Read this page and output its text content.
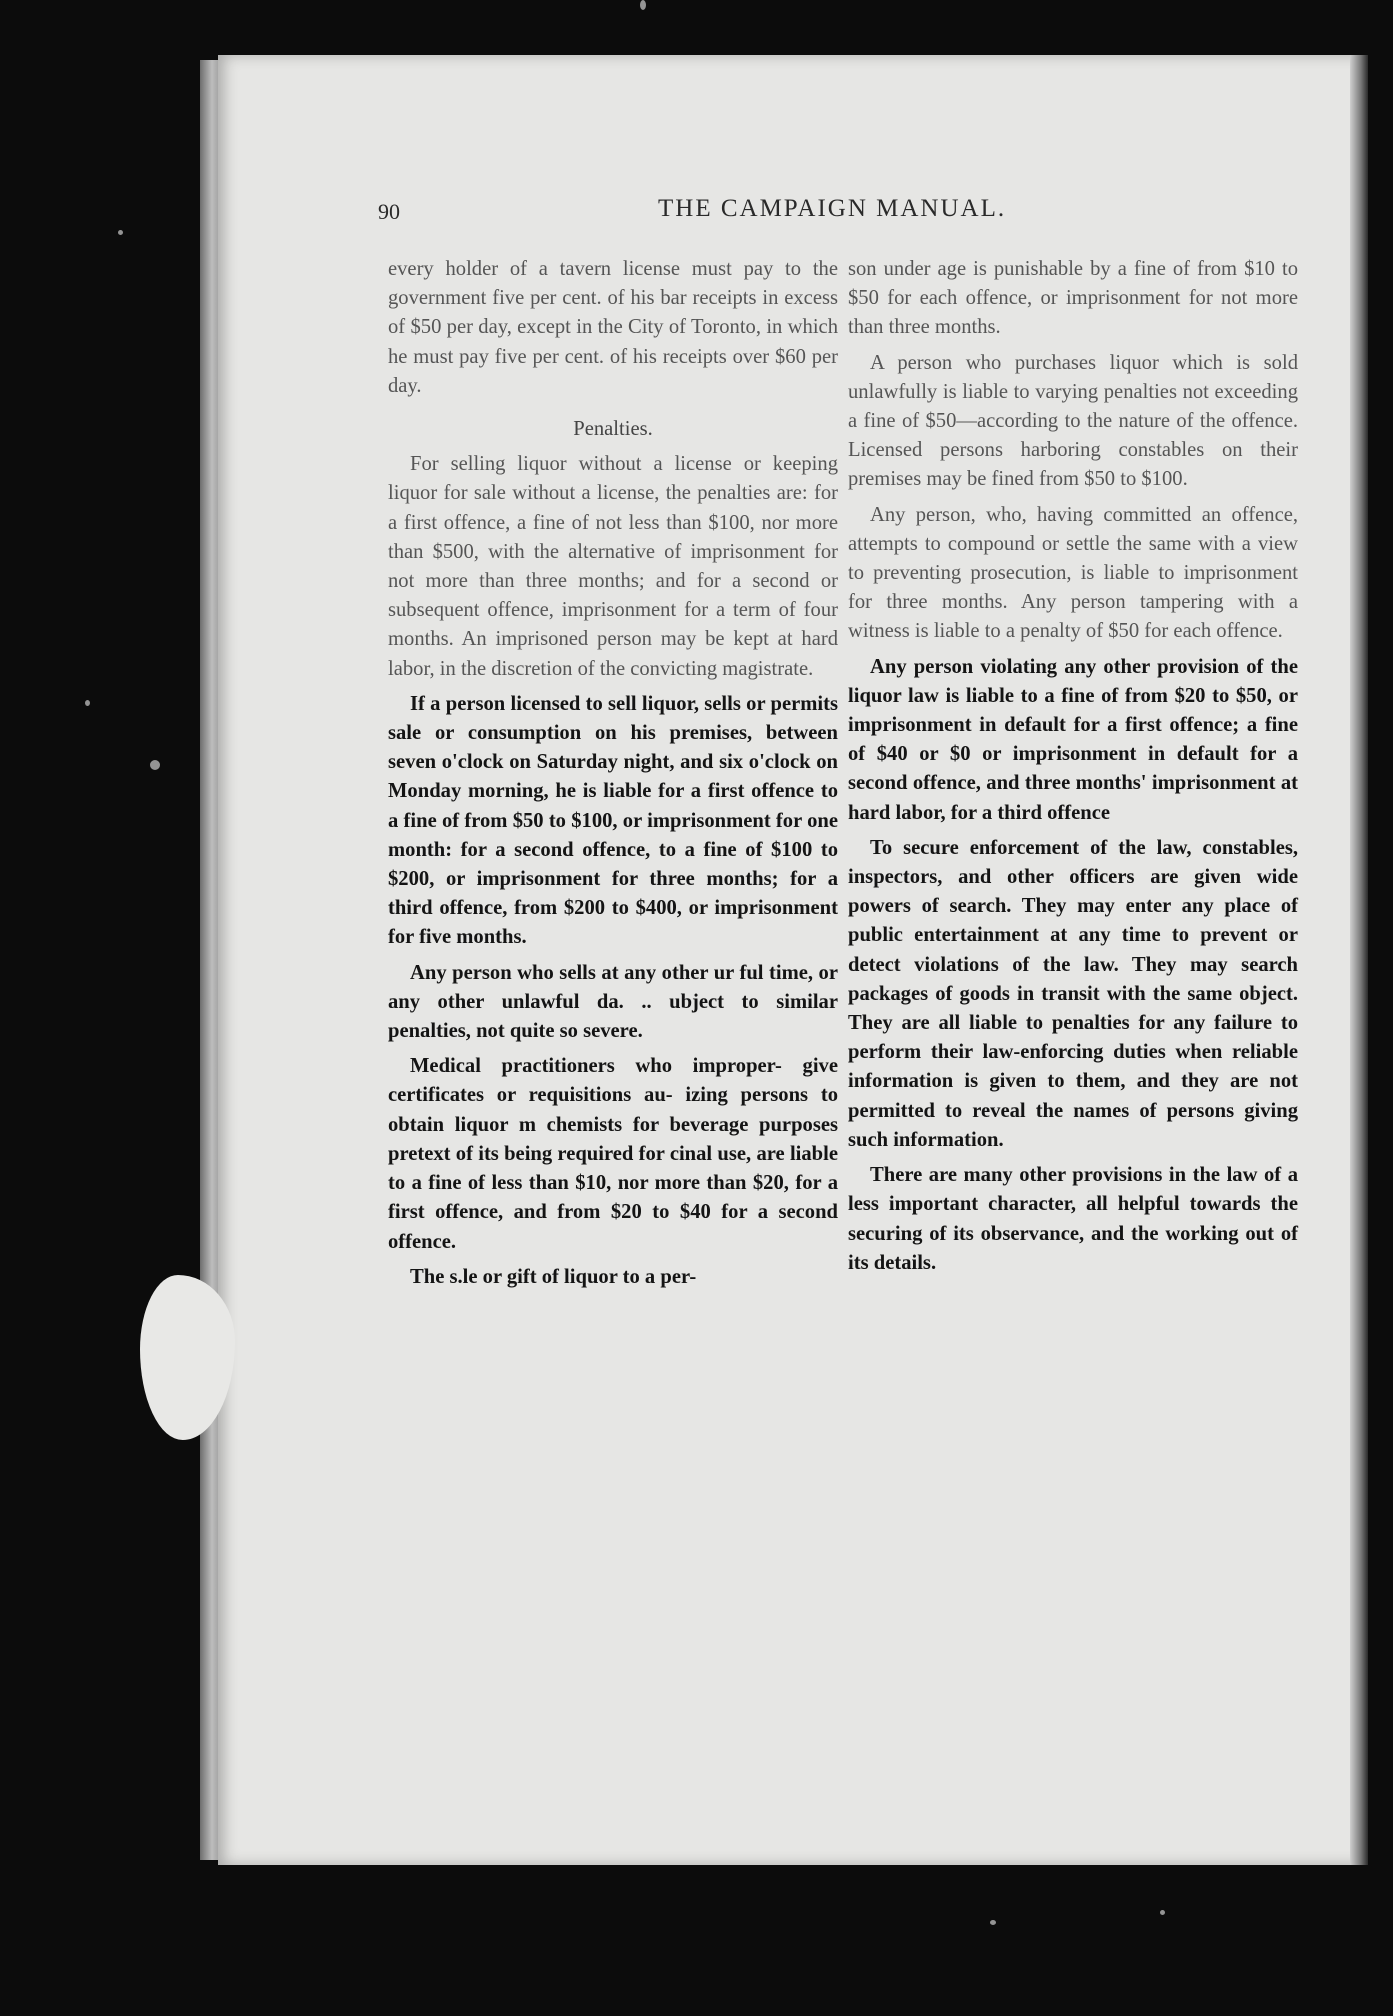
90	THE CAMPAIGN MANUAL.

every holder of a tavern license must pay to the government five per cent. of his bar receipts in excess of $50 per day, except in the City of Toronto, in which he must pay five per cent. of his receipts over $60 per day.

Penalties.

For selling liquor without a license or keeping liquor for sale without a license, the penalties are: for a first offence, a fine of not less than $100, nor more than $500, with the alternative of imprisonment for not more than three months; and for a second or subsequent offence, imprisonment for a term of four months. An imprisoned person may be kept at hard labor, in the discretion of the convicting magistrate.

If a person licensed to sell liquor, sells or permits sale or consumption on his premises, between seven o'clock on Saturday night, and six o'clock on Monday morning, he is liable for a first offence to a fine of from $50 to $100, or imprisonment for one month: for a second offence, to a fine of $100 to $200, or imprisonment for three months; for a third offence, from $200 to $400, or imprisonment for five months.

Any person who sells at any other ur ful time, or any other unlawful da. .. ubject to similar penalties, not quite so severe.

Medical practitioners who improper- give certificates or requisitions au- izing persons to obtain liquor m chemists for beverage purposes pretext of its being required for cinal use, are liable to a fine of less than $10, nor more than $20, for a first offence, and from $20 to $40 for a second offence.

The s.le or gift of liquor to a per-

son under age is punishable by a fine of from $10 to $50 for each offence, or imprisonment for not more than three months.

A person who purchases liquor which is sold unlawfully is liable to varying penalties not exceeding a fine of $50—according to the nature of the offence. Licensed persons harboring constables on their premises may be fined from $50 to $100.

Any person, who, having committed an offence, attempts to compound or settle the same with a view to preventing prosecution, is liable to imprisonment for three months. Any person tampering with a witness is liable to a penalty of $50 for each offence.

Any person violating any other provision of the liquor law is liable to a fine of from $20 to $50, or imprisonment in default for a first offence; a fine of $40 or $0 or imprisonment in default for a second offence, and three months' imprisonment at hard labor, for a third offence

To secure enforcement of the law, constables, inspectors, and other officers are given wide powers of search. They may enter any place of public entertainment at any time to prevent or detect violations of the law. They may search packages of goods in transit with the same object. They are all liable to penalties for any failure to perform their law-enforcing duties when reliable information is given to them, and they are not permitted to reveal the names of persons giving such information.

There are many other provisions in the law of a less important character, all helpful towards the securing of its observance, and the working out of its details.
